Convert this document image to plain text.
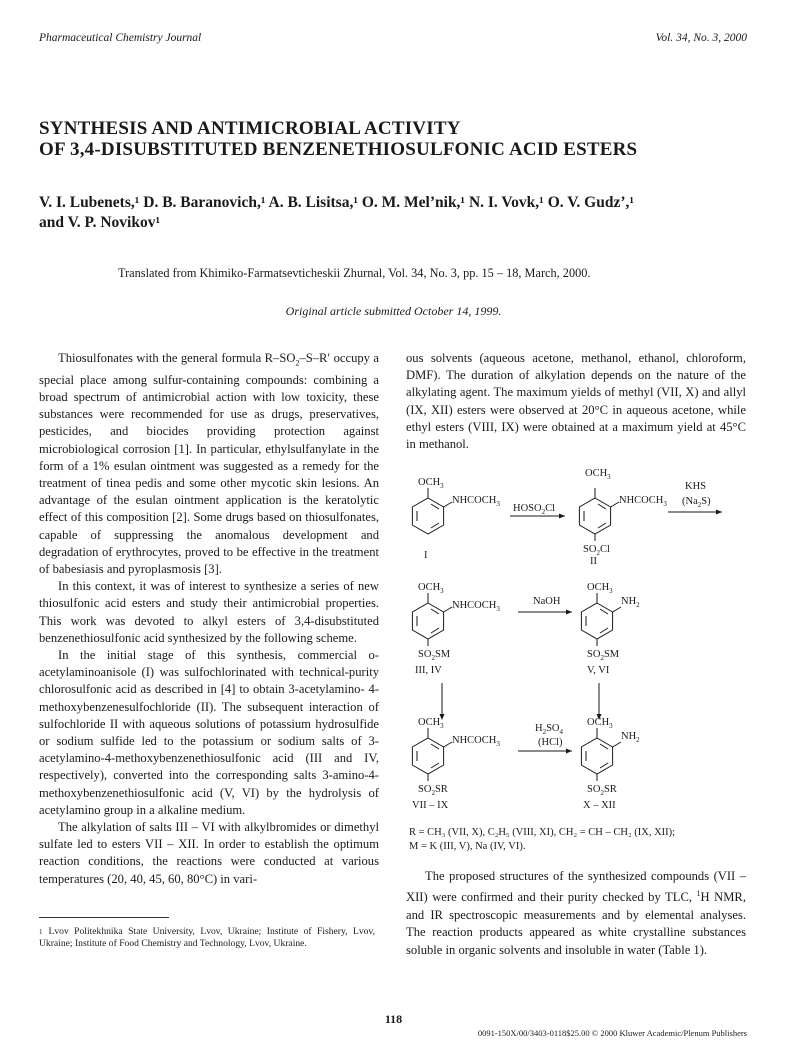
Pharmaceutical Chemistry Journal	Vol. 34, No. 3, 2000
SYNTHESIS AND ANTIMICROBIAL ACTIVITY
OF 3,4-DISUBSTITUTED BENZENETHIOSULFONIC ACID ESTERS
V. I. Lubenets,¹ D. B. Baranovich,¹ A. B. Lisitsa,¹ O. M. Mel’nik,¹ N. I. Vovk,¹ O. V. Gudz’,¹
and V. P. Novikov¹
Translated from Khimiko-Farmatsevticheskii Zhurnal, Vol. 34, No. 3, pp. 15 – 18, March, 2000.
Original article submitted October 14, 1999.

Thiosulfonates with the general formula $R-SO_2-S-R'$ occupy a special place among sulfur-containing compounds: combining a broad spectrum of antimicrobial action with low toxicity, these substances were recommended for use as drugs, preservatives, pesticides, and biocides providing protection against microbiological corrosion [1]. In particular, ethylsulfanylate in the form of a 1% esulan ointment was suggested as a remedy for the treatment of tinea pedis and some other mycotic skin lesions. An advantage of the esulan ointment application is the keratolytic effect of this composition [2]. Some drugs based on thiosulfonates, capable of suppressing the anomalous development and degradation of erythrocytes, proved to be effective in the treatment of babesiasis and pyroplasmosis [3].

In this context, it was of interest to synthesize a series of new thiosulfonic acid esters and study their antimicrobial properties. This work was devoted to alkyl esters of 3,4-disubstituted benzenethiosulfonic acid synthesized by the following scheme.

In the initial stage of this synthesis, commercial o-acetylaminoanisole (I) was sulfochlorinated with technical-purity chlorosulfonic acid as described in [4] to obtain 3-acetylamino- 4-methoxybenzenesulfochloride (II). The subsequent interaction of sulfochloride II with aqueous solutions of potassium hydrosulfide or sodium sulfide led to the potassium or sodium salts of 3- acetylamino-4-methoxybenzenethiosulfonic acid (III and IV, respectively), converted into the corresponding salts 3-amino-4-methoxybenzenethiosulfonic acid (V, VI) by the hydrolysis of acetylamino group in a alkaline medium.

The alkylation of salts III – VI with alkylbromides or dimethyl sulfate led to esters VII – XII. In order to establish the optimum reaction conditions, the reactions were conducted at various temperatures (20, 40, 45, 60, 80°C) in vari-

ous solvents (aqueous acetone, methanol, ethanol, chloroform, DMF). The duration of alkylation depends on the nature of the alkylating agent. The maximum yields of methyl (VII, X) and allyl (IX, XII) esters were observed at 20°C in aqueous acetone, while ethyl esters (VIII, IX) were obtained at a maximum yield at 45°C in methanol.

$OCH_3$
$NHCOCH_3$
I
$HOSO_2Cl$
$OCH_3$
$NHCOCH_3$
$SO_2Cl$
II
KHS
$(Na_2S)$
$OCH_3$
$NHCOCH_3$
$SO_2SM$
III, IV
NaOH
$OCH_3$
$NH_2$
$SO_2SM$
V, VI
$OCH_3$
$NHCOCH_3$
$SO_2SR$
VII – IX
$H_2SO_4$
(HCl)
$OCH_3$
$NH_2$
$SO_2SR$
X – XII
R = CH₃ (VII, X), C₂H₅ (VIII, XI), CH₂ = CH – CH₂ (IX, XII);
M = K (III, V), Na (IV, VI).

The proposed structures of the synthesized compounds (VII – XII) were confirmed and their purity checked by TLC, $^1$H NMR, and IR spectroscopic measurements and by elemental analyses. The reaction products appeared as white crystalline substances soluble in organic solvents and insoluble in water (Table 1).

$^1$ Lvov Politekhnika State University, Lvov, Ukraine; Institute of Fishery, Lvov, Ukraine; Institute of Food Chemistry and Technology, Lvov, Ukraine.
118
0091-150X/00/3403-0118$25.00 © 2000 Kluwer Academic/Plenum Publishers
